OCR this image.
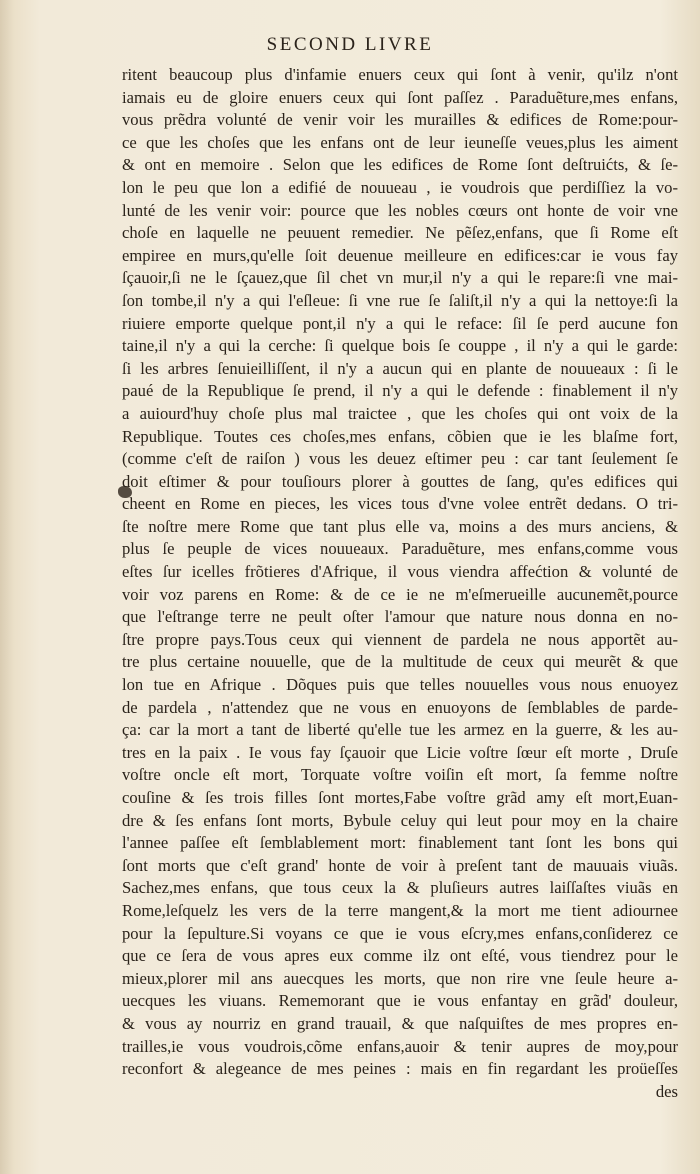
SECOND LIVRE
ritent beaucoup plus d'infamie enuers ceux qui ſont à venir, qu'ilz n'ont
iamais eu de gloire enuers ceux qui ſont paſſez . Paraduẽture,mes enfans,
vous prẽdra volunté de venir voir les murailles & edifices de Rome:pour-
ce que les choſes que les enfans ont de leur ieuneſſe veues,plus les aiment
& ont en memoire . Selon que les edifices de Rome ſont deſtruićts, & ſe-
lon le peu que lon a edifié de nouueau , ie voudrois que perdiſſiez la vo-
lunté de les venir voir: pource que les nobles cœurs ont honte de voir vne
choſe en laquelle ne peuuent remedier. Ne pẽſez,enfans, que ſi Rome eſt
empiree en murs,qu'elle ſoit deuenue meilleure en edifices:car ie vous fay
ſçauoir,ſi ne le ſçauez,que ſil chet vn mur,il n'y a qui le repare:ſi vne mai-
ſon tombe,il n'y a qui l'eſleue: ſi vne rue ſe ſaliſt,il n'y a qui la nettoye:ſi la
riuiere emporte quelque pont,il n'y a qui le reface: ſil ſe perd aucune fon
taine,il n'y a qui la cerche: ſi quelque bois ſe couppe , il n'y a qui le garde:
ſi les arbres ſenuieilliſſent, il n'y a aucun qui en plante de nouueaux : ſi le
paué de la Republique ſe prend, il n'y a qui le defende : finablement il n'y
a auiourd'huy choſe plus mal traictee , que les choſes qui ont voix de la
Republique. Toutes ces choſes,mes enfans, cõbien que ie les blaſme fort,
(comme c'eſt de raiſon ) vous les deuez eſtimer peu : car tant ſeulement ſe
doit eſtimer & pour touſiours plorer à gouttes de ſang, qu'es edifices qui
cheent en Rome en pieces, les vices tous d'vne volee entrẽt dedans. O tri-
ſte noſtre mere Rome que tant plus elle va, moins a des murs anciens, &
plus ſe peuple de vices nouueaux. Paraduẽture, mes enfans,comme vous
eſtes ſur icelles frõtieres d'Afrique, il vous viendra affećtion & volunté de
voir voz parens en Rome: & de ce ie ne m'eſmerueille aucunemẽt,pource
que l'eſtrange terre ne peult oſter l'amour que nature nous donna en no-
ſtre propre pays.Tous ceux qui viennent de pardela ne nous apportẽt au-
tre plus certaine nouuelle, que de la multitude de ceux qui meurẽt & que
lon tue en Afrique . Dõques puis que telles nouuelles vous nous enuoyez
de pardela , n'attendez que ne vous en enuoyons de ſemblables de parde-
ça: car la mort a tant de liberté qu'elle tue les armez en la guerre, & les au-
tres en la paix . Ie vous fay ſçauoir que Licie voſtre ſœur eſt morte , Druſe
voſtre oncle eſt mort, Torquate voſtre voiſin eſt mort, ſa femme noſtre
couſine & ſes trois filles ſont mortes,Fabe voſtre grãd amy eſt mort,Euan-
dre & ſes enfans ſont morts, Bybule celuy qui leut pour moy en la chaire
l'annee paſſee eſt ſemblablement mort: finablement tant ſont les bons qui
ſont morts que c'eſt grand' honte de voir à preſent tant de mauuais viuãs.
Sachez,mes enfans, que tous ceux la & pluſieurs autres laiſſaſtes viuãs en
Rome,leſquelz les vers de la terre mangent,& la mort me tient adiournee
pour la ſepulture.Si voyans ce que ie vous eſcry,mes enfans,conſiderez ce
que ce ſera de vous apres eux comme ilz ont eſté, vous tiendrez pour le
mieux,plorer mil ans auecques les morts, que non rire vne ſeule heure a-
uecques les viuans. Rememorant que ie vous enfantay en grãd' douleur,
& vous ay nourriz en grand trauail, & que naſquiſtes de mes propres en-
trailles,ie vous voudrois,cõme enfans,auoir & tenir aupres de moy,pour
reconfort & alegeance de mes peines : mais en fin regardant les proüeſſes
des
